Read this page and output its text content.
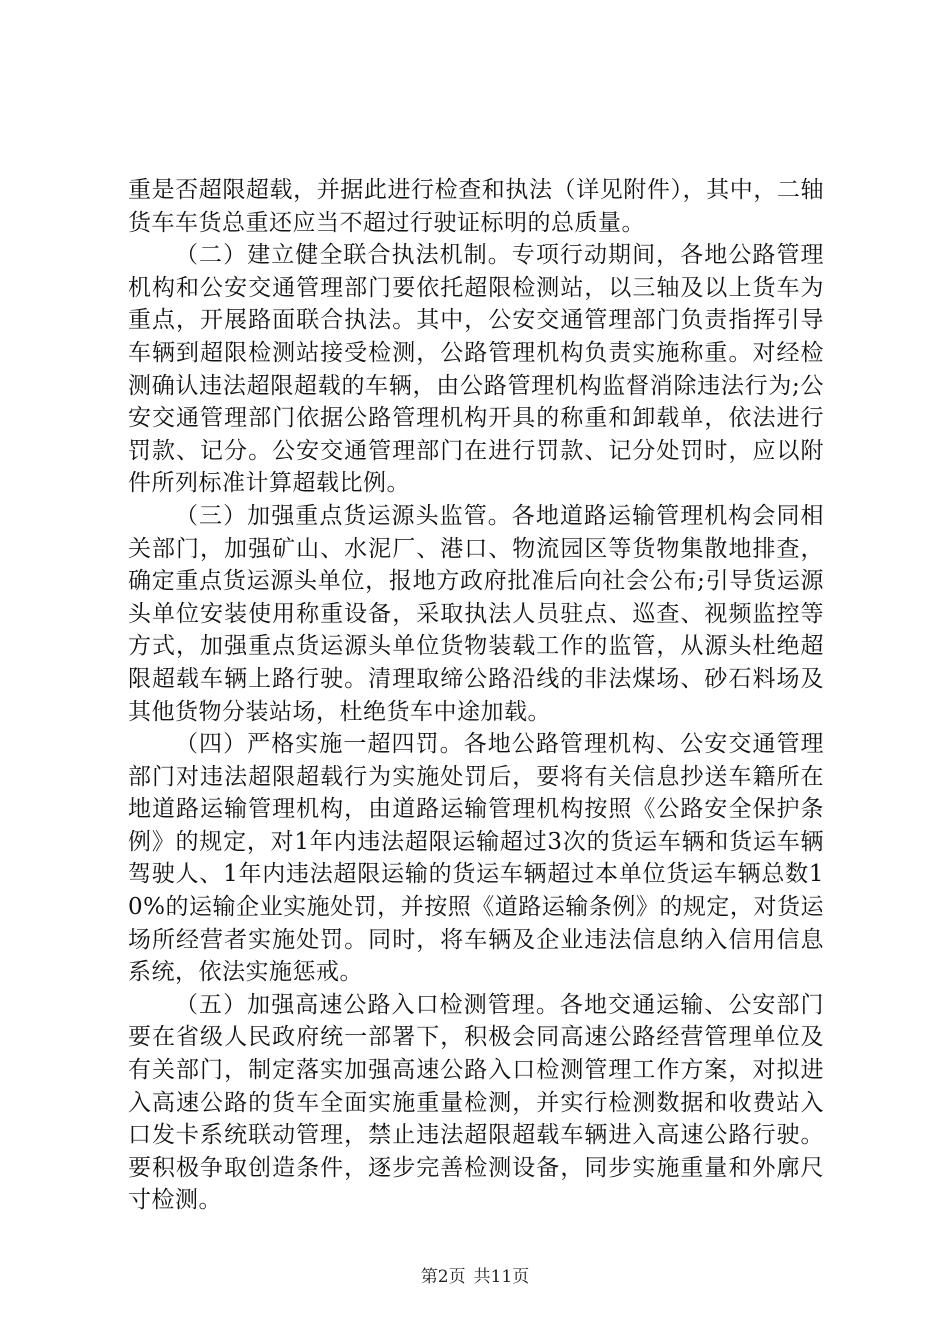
重是否超限超载，并据此进行检查和执法（详见附件），其中，二轴货车车货总重还应当不超过行驶证标明的总质量。

（二）建立健全联合执法机制。专项行动期间，各地公路管理机构和公安交通管理部门要依托超限检测站，以三轴及以上货车为重点，开展路面联合执法。其中，公安交通管理部门负责指挥引导车辆到超限检测站接受检测，公路管理机构负责实施称重。对经检测确认违法超限超载的车辆，由公路管理机构监督消除违法行为;公安交通管理部门依据公路管理机构开具的称重和卸载单，依法进行罚款、记分。公安交通管理部门在进行罚款、记分处罚时，应以附件所列标准计算超载比例。

（三）加强重点货运源头监管。各地道路运输管理机构会同相关部门，加强矿山、水泥厂、港口、物流园区等货物集散地排查，确定重点货运源头单位，报地方政府批准后向社会公布;引导货运源头单位安装使用称重设备，采取执法人员驻点、巡查、视频监控等方式，加强重点货运源头单位货物装载工作的监管，从源头杜绝超限超载车辆上路行驶。清理取缔公路沿线的非法煤场、砂石料场及其他货物分装站场，杜绝货车中途加载。

（四）严格实施一超四罚。各地公路管理机构、公安交通管理部门对违法超限超载行为实施处罚后，要将有关信息抄送车籍所在地道路运输管理机构，由道路运输管理机构按照《公路安全保护条例》的规定，对1年内违法超限运输超过3次的货运车辆和货运车辆驾驶人、1年内违法超限运输的货运车辆超过本单位货运车辆总数10%的运输企业实施处罚，并按照《道路运输条例》的规定，对货运场所经营者实施处罚。同时，将车辆及企业违法信息纳入信用信息系统，依法实施惩戒。

（五）加强高速公路入口检测管理。各地交通运输、公安部门要在省级人民政府统一部署下，积极会同高速公路经营管理单位及有关部门，制定落实加强高速公路入口检测管理工作方案，对拟进入高速公路的货车全面实施重量检测，并实行检测数据和收费站入口发卡系统联动管理，禁止违法超限超载车辆进入高速公路行驶。要积极争取创造条件，逐步完善检测设备，同步实施重量和外廓尺寸检测。

第2页 共11页
